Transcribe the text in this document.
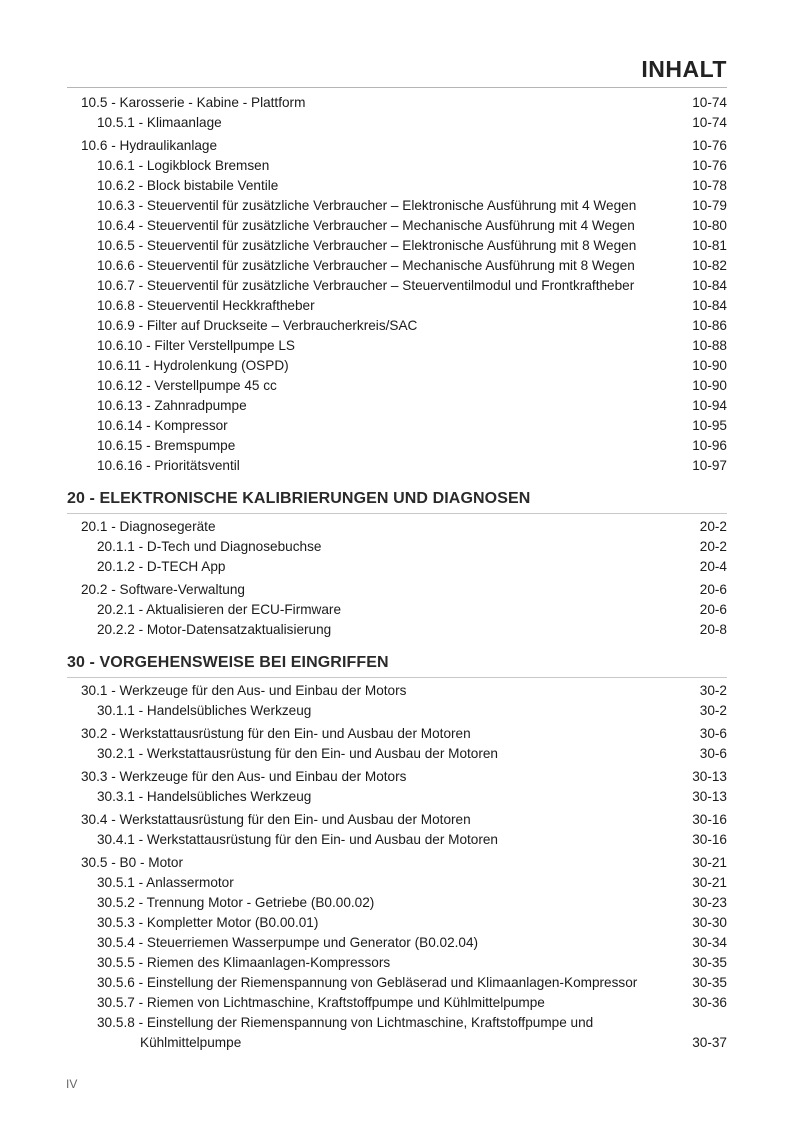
INHALT
10.5 - Karosserie - Kabine - Plattform	10-74
10.5.1 - Klimaanlage	10-74
10.6 - Hydraulikanlage	10-76
10.6.1 - Logikblock Bremsen	10-76
10.6.2 - Block bistabile Ventile	10-78
10.6.3 - Steuerventil für zusätzliche Verbraucher – Elektronische Ausführung mit 4 Wegen	10-79
10.6.4 - Steuerventil für zusätzliche Verbraucher – Mechanische Ausführung mit 4 Wegen	10-80
10.6.5 - Steuerventil für zusätzliche Verbraucher – Elektronische Ausführung mit 8 Wegen	10-81
10.6.6 - Steuerventil für zusätzliche Verbraucher – Mechanische Ausführung mit 8 Wegen	10-82
10.6.7 - Steuerventil für zusätzliche Verbraucher – Steuerventilmodul und Frontkraftheber	10-84
10.6.8 - Steuerventil Heckkraftheber	10-84
10.6.9 - Filter auf Druckseite – Verbraucherkreis/SAC	10-86
10.6.10 - Filter Verstellpumpe LS	10-88
10.6.11 - Hydrolenkung (OSPD)	10-90
10.6.12 - Verstellpumpe 45 cc	10-90
10.6.13 - Zahnradpumpe	10-94
10.6.14 - Kompressor	10-95
10.6.15 - Bremspumpe	10-96
10.6.16 - Prioritätsventil	10-97
20 - ELEKTRONISCHE KALIBRIERUNGEN UND DIAGNOSEN
20.1 - Diagnosegeräte	20-2
20.1.1 - D-Tech und Diagnosebuchse	20-2
20.1.2 - D-TECH App	20-4
20.2 - Software-Verwaltung	20-6
20.2.1 - Aktualisieren der ECU-Firmware	20-6
20.2.2 - Motor-Datensatzaktualisierung	20-8
30 - VORGEHENSWEISE BEI EINGRIFFEN
30.1 - Werkzeuge für den Aus- und Einbau der Motors	30-2
30.1.1 - Handelsübliches Werkzeug	30-2
30.2 - Werkstattausrüstung für den Ein- und Ausbau der Motoren	30-6
30.2.1 - Werkstattausrüstung für den Ein- und Ausbau der Motoren	30-6
30.3 - Werkzeuge für den Aus- und Einbau der Motors	30-13
30.3.1 - Handelsübliches Werkzeug	30-13
30.4 - Werkstattausrüstung für den Ein- und Ausbau der Motoren	30-16
30.4.1 - Werkstattausrüstung für den Ein- und Ausbau der Motoren	30-16
30.5 - B0 - Motor	30-21
30.5.1 - Anlassermotor	30-21
30.5.2 - Trennung Motor - Getriebe (B0.00.02)	30-23
30.5.3 - Kompletter Motor (B0.00.01)	30-30
30.5.4 - Steuerriemen Wasserpumpe und Generator (B0.02.04)	30-34
30.5.5 - Riemen des Klimaanlagen-Kompressors	30-35
30.5.6 - Einstellung der Riemenspannung von Gebläserad und Klimaanlagen-Kompressor	30-35
30.5.7 - Riemen von Lichtmaschine, Kraftstoffpumpe und Kühlmittelpumpe	30-36
30.5.8 - Einstellung der Riemenspannung von Lichtmaschine, Kraftstoffpumpe und
Kühlmittelpumpe	30-37
IV
